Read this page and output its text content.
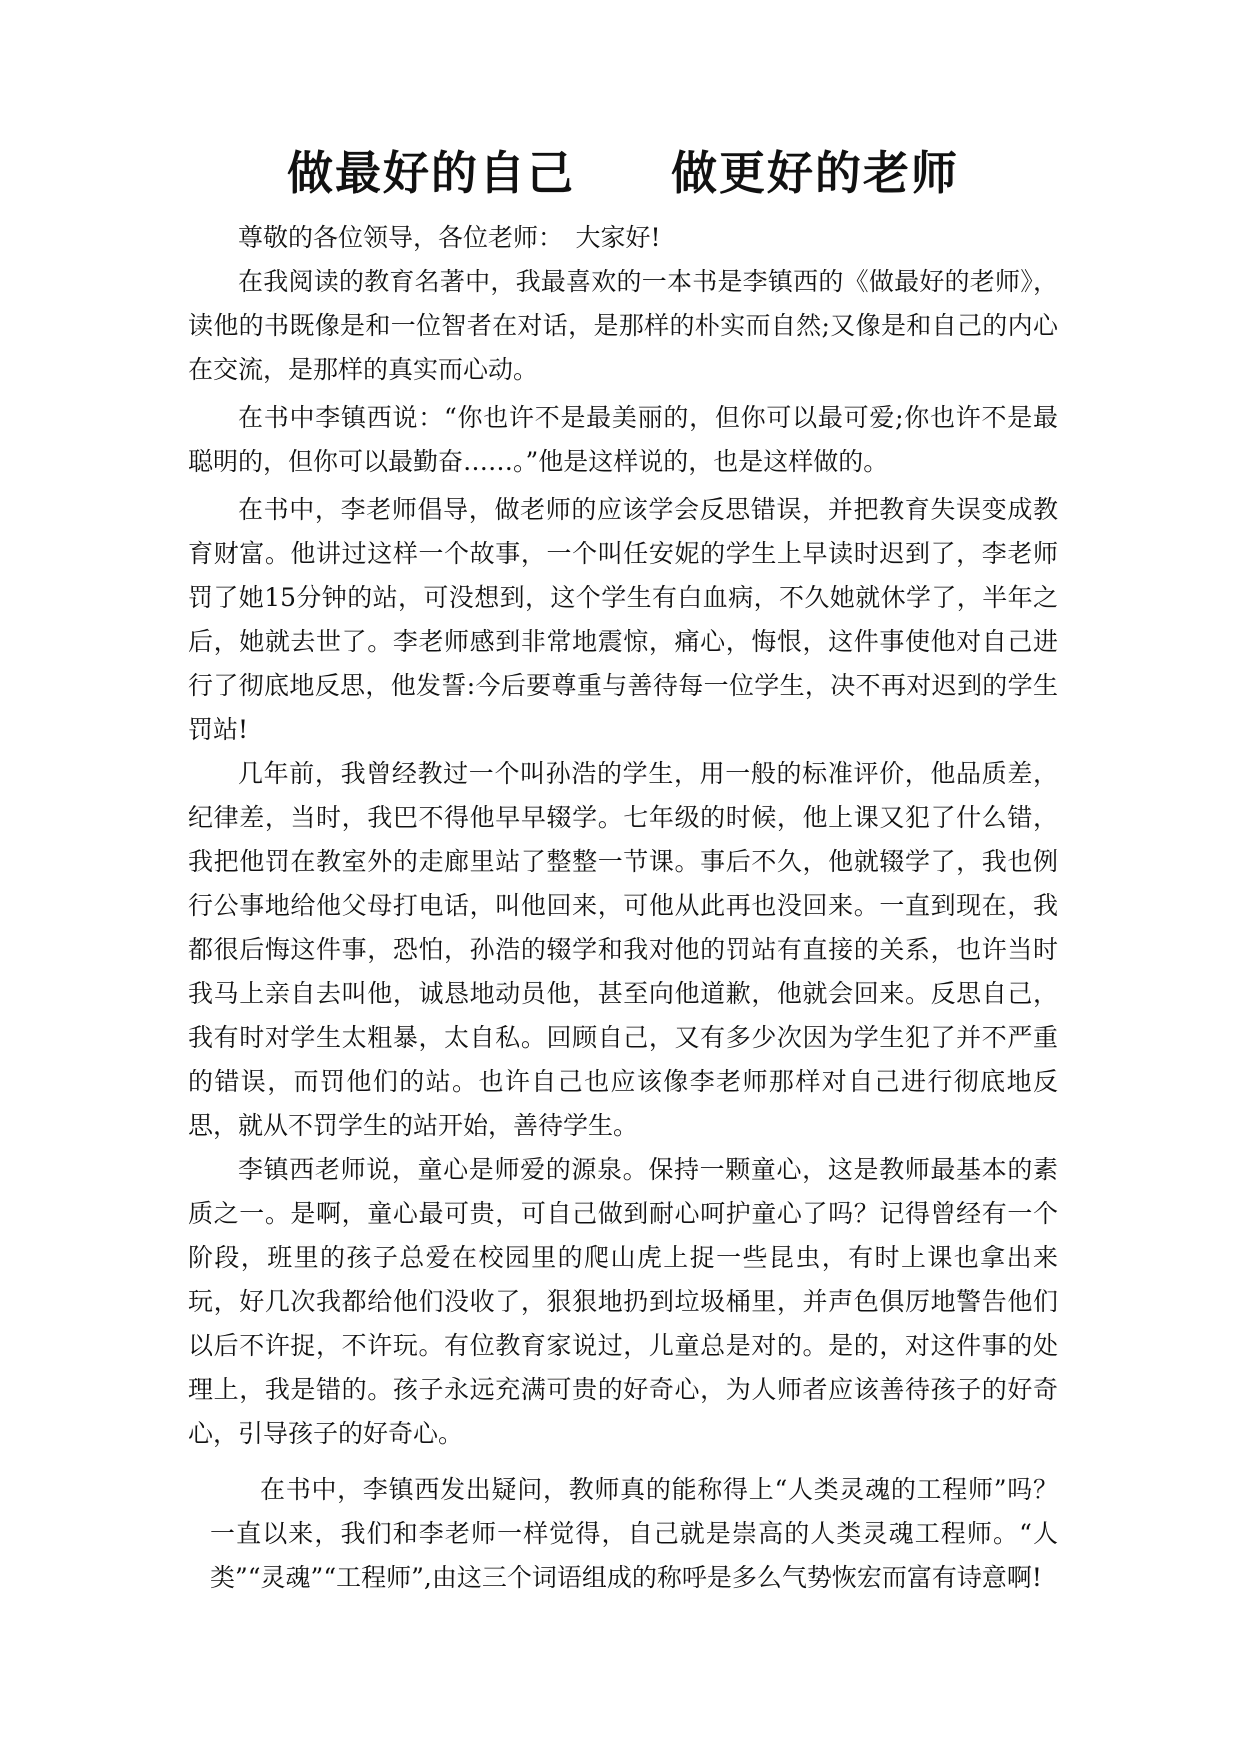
做最好的自己　　做更好的老师

尊敬的各位领导，各位老师：　大家好!

在我阅读的教育名著中，我最喜欢的一本书是李镇西的《做最好的老师》，读他的书既像是和一位智者在对话，是那样的朴实而自然;又像是和自己的内心在交流，是那样的真实而心动。

在书中李镇西说：“你也许不是最美丽的，但你可以最可爱;你也许不是最聪明的，但你可以最勤奋……。”他是这样说的，也是这样做的。

在书中，李老师倡导，做老师的应该学会反思错误，并把教育失误变成教育财富。他讲过这样一个故事，一个叫任安妮的学生上早读时迟到了，李老师罚了她15分钟的站，可没想到，这个学生有白血病，不久她就休学了，半年之后，她就去世了。李老师感到非常地震惊，痛心，悔恨，这件事使他对自己进行了彻底地反思，他发誓:今后要尊重与善待每一位学生，决不再对迟到的学生罚站!

几年前，我曾经教过一个叫孙浩的学生，用一般的标准评价，他品质差，纪律差，当时，我巴不得他早早辍学。七年级的时候，他上课又犯了什么错，我把他罚在教室外的走廊里站了整整一节课。事后不久，他就辍学了，我也例行公事地给他父母打电话，叫他回来，可他从此再也没回来。一直到现在，我都很后悔这件事，恐怕，孙浩的辍学和我对他的罚站有直接的关系，也许当时我马上亲自去叫他，诚恳地动员他，甚至向他道歉，他就会回来。反思自己，我有时对学生太粗暴，太自私。回顾自己，又有多少次因为学生犯了并不严重的错误，而罚他们的站。也许自己也应该像李老师那样对自己进行彻底地反思，就从不罚学生的站开始，善待学生。

李镇西老师说，童心是师爱的源泉。保持一颗童心，这是教师最基本的素质之一。是啊，童心最可贵，可自己做到耐心呵护童心了吗？记得曾经有一个阶段，班里的孩子总爱在校园里的爬山虎上捉一些昆虫，有时上课也拿出来玩，好几次我都给他们没收了，狠狠地扔到垃圾桶里，并声色俱厉地警告他们以后不许捉，不许玩。有位教育家说过，儿童总是对的。是的，对这件事的处理上，我是错的。孩子永远充满可贵的好奇心，为人师者应该善待孩子的好奇心，引导孩子的好奇心。

在书中，李镇西发出疑问，教师真的能称得上“人类灵魂的工程师”吗？一直以来，我们和李老师一样觉得，自己就是崇高的人类灵魂工程师。“人类”“灵魂”“工程师”,由这三个词语组成的称呼是多么气势恢宏而富有诗意啊!
